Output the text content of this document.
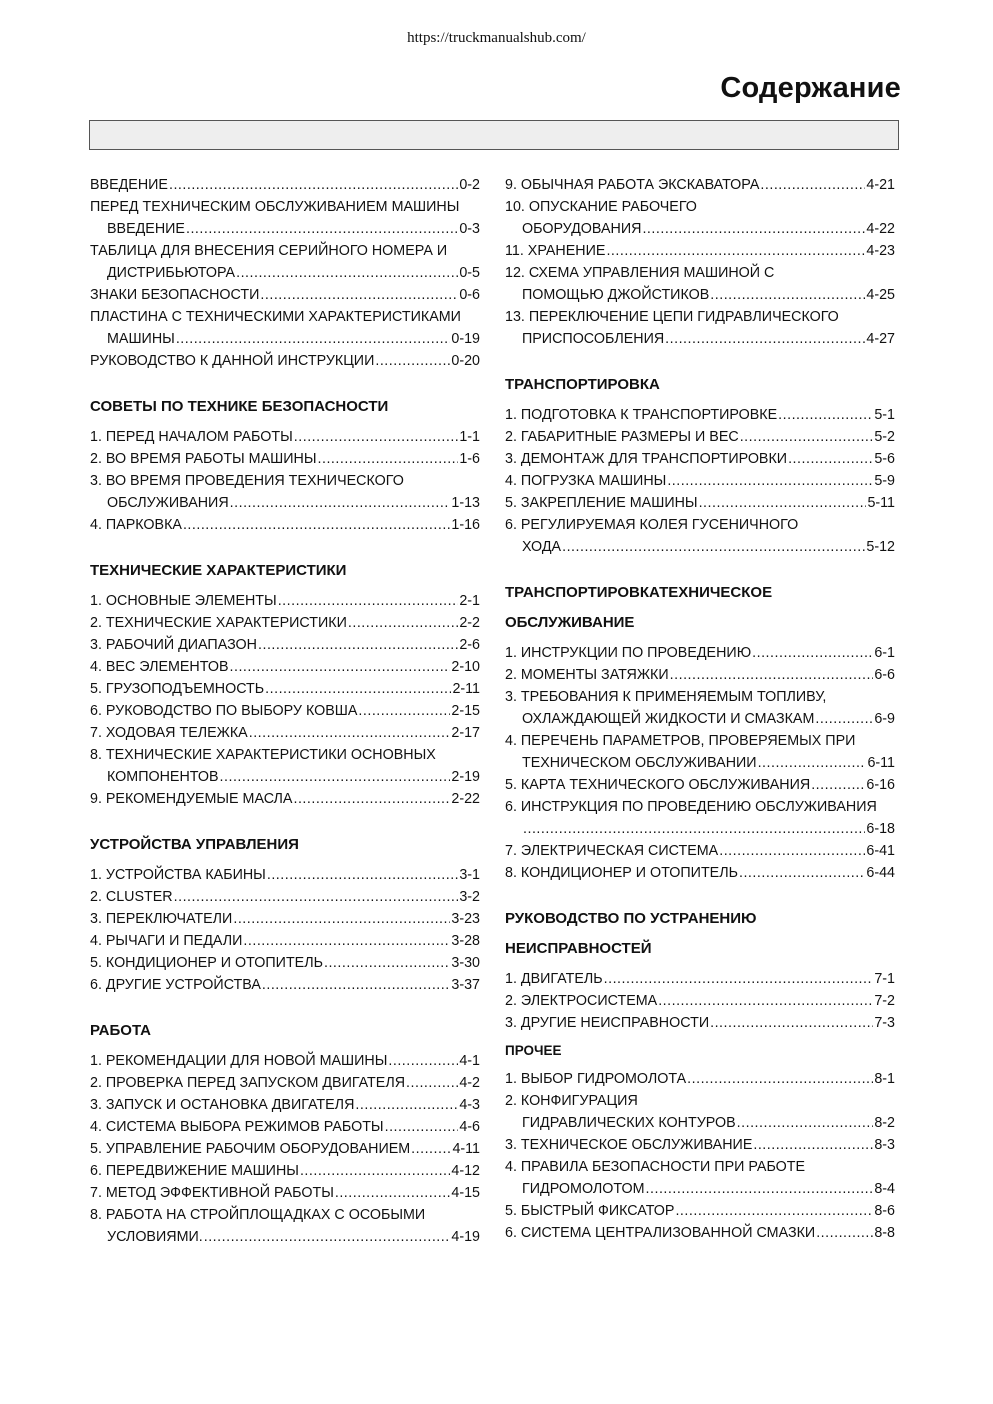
https://truckmanualshub.com/
Содержание
ВВЕДЕНИЕ .....	0-2
ПЕРЕД ТЕХНИЧЕСКИМ ОБСЛУЖИВАНИЕМ МАШИНЫ
ВВЕДЕНИЕ .....	0-3
ТАБЛИЦА ДЛЯ ВНЕСЕНИЯ СЕРИЙНОГО НОМЕРА И
ДИСТРИБЬЮТОРА .....	0-5
ЗНАКИ БЕЗОПАСНОСТИ .....	0-6
ПЛАСТИНА С ТЕХНИЧЕСКИМИ ХАРАКТЕРИСТИКАМИ
МАШИНЫ .....	0-19
РУКОВОДСТВО К ДАННОЙ ИНСТРУКЦИИ .....	0-20
СОВЕТЫ ПО ТЕХНИКЕ БЕЗОПАСНОСТИ
1. ПЕРЕД НАЧАЛОМ РАБОТЫ .....	1-1
2. ВО ВРЕМЯ РАБОТЫ МАШИНЫ .....	1-6
3. ВО ВРЕМЯ ПРОВЕДЕНИЯ ТЕХНИЧЕСКОГО
ОБСЛУЖИВАНИЯ .....	1-13
4. ПАРКОВКА .....	1-16
ТЕХНИЧЕСКИЕ ХАРАКТЕРИСТИКИ
1. ОСНОВНЫЕ ЭЛЕМЕНТЫ .....	2-1
2. ТЕХНИЧЕСКИЕ ХАРАКТЕРИСТИКИ .....	2-2
3. РАБОЧИЙ ДИАПАЗОН .....	2-6
4. ВЕС ЭЛЕМЕНТОВ .....	2-10
5. ГРУЗОПОДЪЕМНОСТЬ .....	2-11
6. РУКОВОДСТВО ПО ВЫБОРУ КОВША .....	2-15
7. ХОДОВАЯ ТЕЛЕЖКА .....	2-17
8. ТЕХНИЧЕСКИЕ ХАРАКТЕРИСТИКИ ОСНОВНЫХ
КОМПОНЕНТОВ .....	2-19
9. РЕКОМЕНДУЕМЫЕ МАСЛА .....	2-22
УСТРОЙСТВА УПРАВЛЕНИЯ
1. УСТРОЙСТВА КАБИНЫ .....	3-1
2. CLUSTER .....	3-2
3. ПЕРЕКЛЮЧАТЕЛИ .....	3-23
4. РЫЧАГИ И ПЕДАЛИ .....	3-28
5. КОНДИЦИОНЕР И ОТОПИТЕЛЬ .....	3-30
6. ДРУГИЕ УСТРОЙСТВА .....	3-37
РАБОТА
1. РЕКОМЕНДАЦИИ ДЛЯ НОВОЙ МАШИНЫ .....	4-1
2. ПРОВЕРКА ПЕРЕД ЗАПУСКОМ ДВИГАТЕЛЯ .....	4-2
3. ЗАПУСК И ОСТАНОВКА ДВИГАТЕЛЯ .....	4-3
4. СИСТЕМА ВЫБОРА РЕЖИМОВ РАБОТЫ .....	4-6
5. УПРАВЛЕНИЕ РАБОЧИМ ОБОРУДОВАНИЕМ .....	4-11
6. ПЕРЕДВИЖЕНИЕ МАШИНЫ .....	4-12
7. МЕТОД ЭФФЕКТИВНОЙ РАБОТЫ .....	4-15
8. РАБОТА НА СТРОЙПЛОЩАДКАХ С ОСОБЫМИ
УСЛОВИЯМИ. .....	4-19
9. ОБЫЧНАЯ РАБОТА ЭКСКАВАТОРА .....	4-21
10. ОПУСКАНИЕ РАБОЧЕГО
ОБОРУДОВАНИЯ .....	4-22
11. ХРАНЕНИЕ .....	4-23
12. СХЕМА УПРАВЛЕНИЯ МАШИНОЙ С
ПОМОЩЬЮ ДЖОЙСТИКОВ .....	4-25
13. ПЕРЕКЛЮЧЕНИЕ ЦЕПИ ГИДРАВЛИЧЕСКОГО
ПРИСПОСОБЛЕНИЯ .....	4-27
ТРАНСПОРТИРОВКА
1. ПОДГОТОВКА К ТРАНСПОРТИРОВКЕ .....	5-1
2. ГАБАРИТНЫЕ РАЗМЕРЫ И ВЕС .....	5-2
3. ДЕМОНТАЖ ДЛЯ ТРАНСПОРТИРОВКИ .....	5-6
4. ПОГРУЗКА МАШИНЫ .....	5-9
5. ЗАКРЕПЛЕНИЕ МАШИНЫ .....	5-11
6. РЕГУЛИРУЕМАЯ КОЛЕЯ ГУСЕНИЧНОГО
ХОДА .....	5-12
ТРАНСПОРТИРОВКАТЕХНИЧЕСКОЕ
ОБСЛУЖИВАНИЕ
1. ИНСТРУКЦИИ ПО ПРОВЕДЕНИЮ .....	6-1
2. МОМЕНТЫ ЗАТЯЖКИ .....	6-6
3. ТРЕБОВАНИЯ К ПРИМЕНЯЕМЫМ ТОПЛИВУ,
ОХЛАЖДАЮЩЕЙ ЖИДКОСТИ И СМАЗКАМ .....	6-9
4. ПЕРЕЧЕНЬ ПАРАМЕТРОВ, ПРОВЕРЯЕМЫХ ПРИ
ТЕХНИЧЕСКОМ ОБСЛУЖИВАНИИ .....	6-11
5. КАРТА ТЕХНИЧЕСКОГО ОБСЛУЖИВАНИЯ .....	6-16
6. ИНСТРУКЦИЯ ПО ПРОВЕДЕНИЮ ОБСЛУЖИВАНИЯ
.....
6-18
7. ЭЛЕКТРИЧЕСКАЯ СИСТЕМА .....	6-41
8. КОНДИЦИОНЕР И ОТОПИТЕЛЬ .....	6-44
РУКОВОДСТВО ПО УСТРАНЕНИЮ
НЕИСПРАВНОСТЕЙ
1. ДВИГАТЕЛЬ .....	7-1
2. ЭЛЕКТРОСИСТЕМА .....	7-2
3. ДРУГИЕ НЕИСПРАВНОСТИ .....	7-3
ПРОЧЕЕ
1. ВЫБОР ГИДРОМОЛОТА .....	8-1
2. КОНФИГУРАЦИЯ
ГИДРАВЛИЧЕСКИХ КОНТУРОВ .....	8-2
3. ТЕХНИЧЕСКОЕ ОБСЛУЖИВАНИЕ .....	8-3
4. ПРАВИЛА БЕЗОПАСНОСТИ ПРИ РАБОТЕ
ГИДРОМОЛОТОМ .....	8-4
5. БЫСТРЫЙ ФИКСАТОР .....	8-6
6. СИСТЕМА ЦЕНТРАЛИЗОВАННОЙ СМАЗКИ .....	8-8
